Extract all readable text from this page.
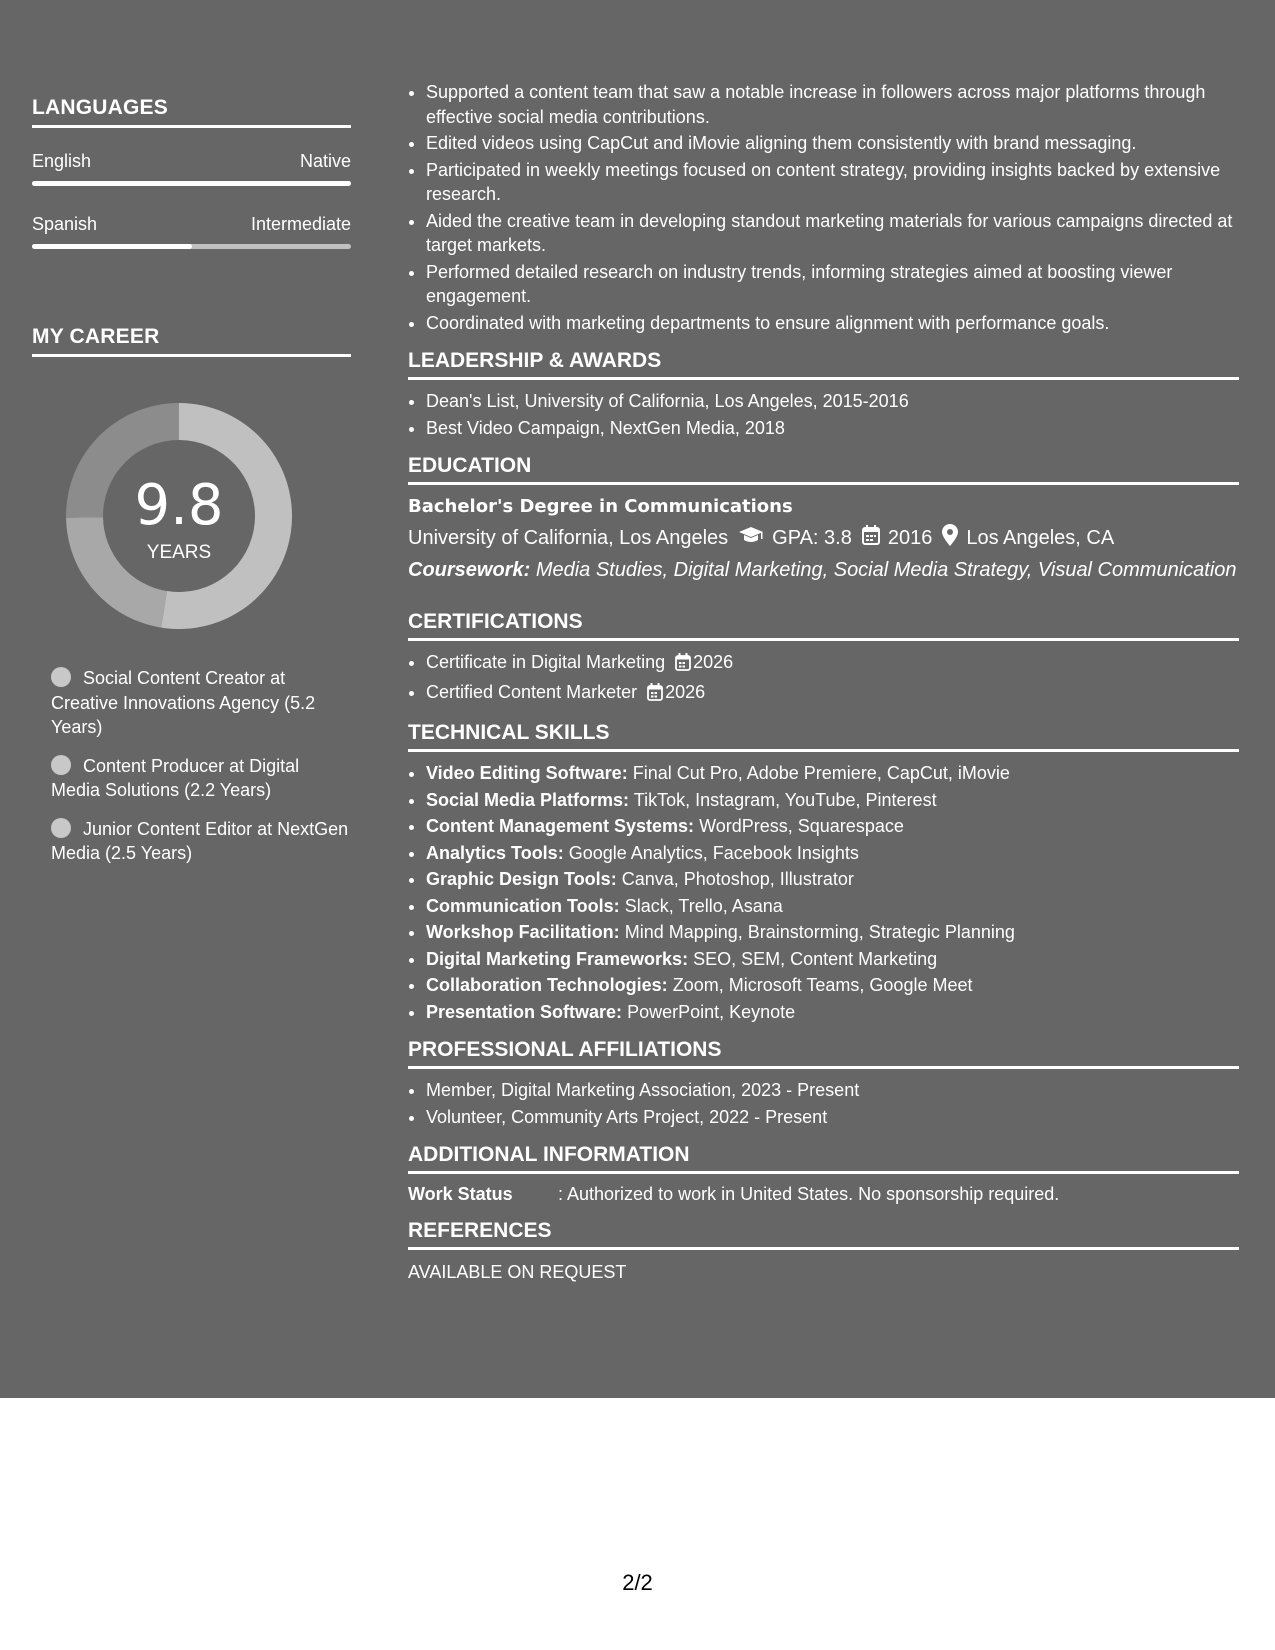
LANGUAGES
English	Native
Spanish	Intermediate
MY CAREER
9.8
YEARS
Social Content Creator at Creative Innovations Agency (5.2 Years)
Content Producer at Digital Media Solutions (2.2 Years)
Junior Content Editor at NextGen Media (2.5 Years)
• Supported a content team that saw a notable increase in followers across major platforms through effective social media contributions.
• Edited videos using CapCut and iMovie aligning them consistently with brand messaging.
• Participated in weekly meetings focused on content strategy, providing insights backed by extensive research.
• Aided the creative team in developing standout marketing materials for various campaigns directed at target markets.
• Performed detailed research on industry trends, informing strategies aimed at boosting viewer engagement.
• Coordinated with marketing departments to ensure alignment with performance goals.
LEADERSHIP & AWARDS
• Dean's List, University of California, Los Angeles, 2015-2016
• Best Video Campaign, NextGen Media, 2018
EDUCATION
Bachelor's Degree in Communications
University of California, Los Angeles GPA: 3.8 2016 Los Angeles, CA
Coursework: Media Studies, Digital Marketing, Social Media Strategy, Visual Communication
CERTIFICATIONS
• Certificate in Digital Marketing 2026
• Certified Content Marketer 2026
TECHNICAL SKILLS
• Video Editing Software: Final Cut Pro, Adobe Premiere, CapCut, iMovie
• Social Media Platforms: TikTok, Instagram, YouTube, Pinterest
• Content Management Systems: WordPress, Squarespace
• Analytics Tools: Google Analytics, Facebook Insights
• Graphic Design Tools: Canva, Photoshop, Illustrator
• Communication Tools: Slack, Trello, Asana
• Workshop Facilitation: Mind Mapping, Brainstorming, Strategic Planning
• Digital Marketing Frameworks: SEO, SEM, Content Marketing
• Collaboration Technologies: Zoom, Microsoft Teams, Google Meet
• Presentation Software: PowerPoint, Keynote
PROFESSIONAL AFFILIATIONS
• Member, Digital Marketing Association, 2023 - Present
• Volunteer, Community Arts Project, 2022 - Present
ADDITIONAL INFORMATION
Work Status	: Authorized to work in United States. No sponsorship required.
REFERENCES
AVAILABLE ON REQUEST
2/2
